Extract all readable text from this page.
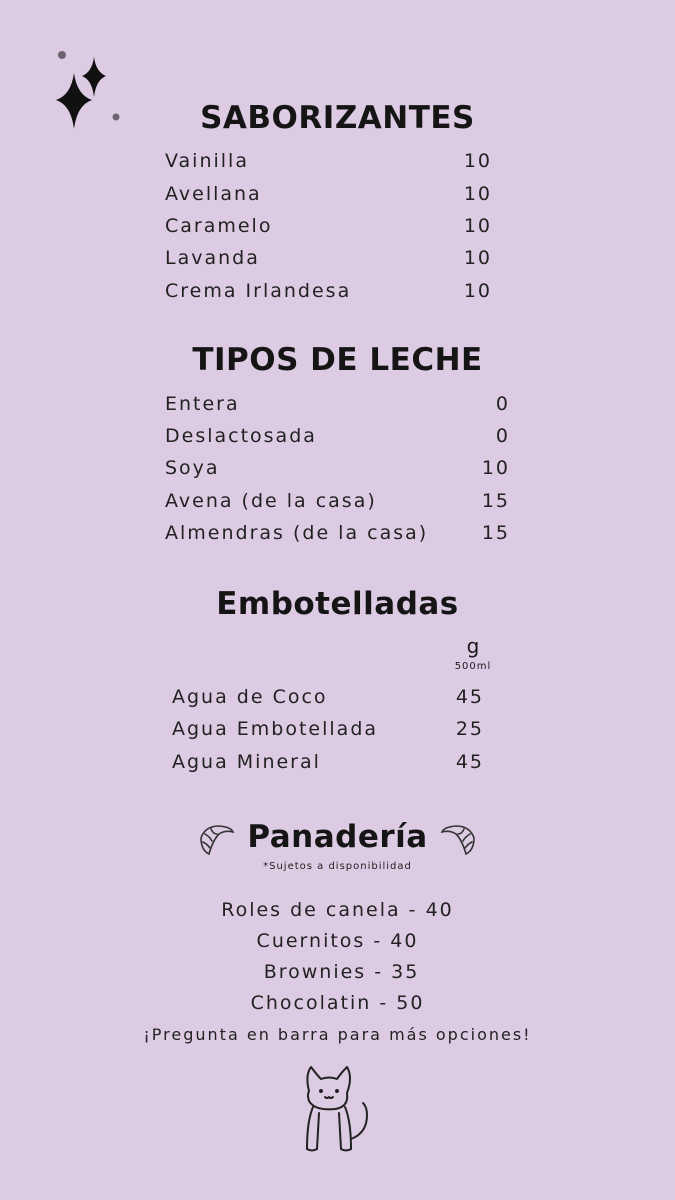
SABORIZANTES
Vainilla	10
Avellana	10
Caramelo	10
Lavanda	10
Crema Irlandesa	10
TIPOS DE LECHE
Entera	0
Deslactosada	0
Soya	10
Avena (de la casa)	15
Almendras (de la casa)	15
Embotelladas
g
500ml
Agua de Coco	45
Agua Embotellada	25
Agua Mineral	45
Panadería
*Sujetos a disponibilidad
Roles de canela - 40
Cuernitos - 40
Brownies - 35
Chocolatin - 50
¡Pregunta en barra para más opciones!
